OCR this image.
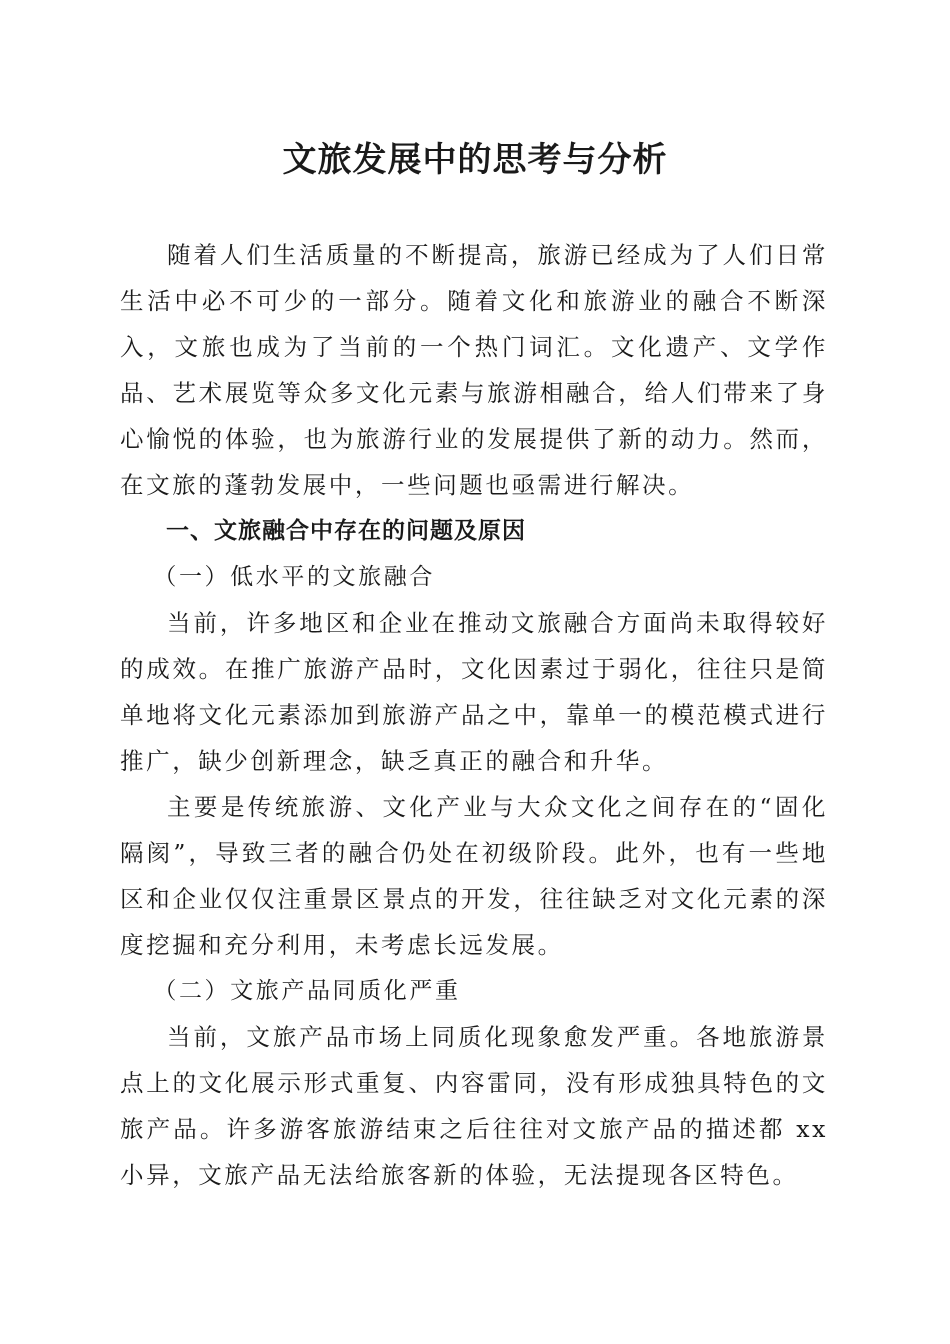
文旅发展中的思考与分析

随着人们生活质量的不断提高，旅游已经成为了人们日常生活中必不可少的一部分。随着文化和旅游业的融合不断深入，文旅也成为了当前的一个热门词汇。文化遗产、文学作品、艺术展览等众多文化元素与旅游相融合，给人们带来了身心愉悦的体验，也为旅游行业的发展提供了新的动力。然而，在文旅的蓬勃发展中，一些问题也亟需进行解决。

一、文旅融合中存在的问题及原因

（一）低水平的文旅融合

当前，许多地区和企业在推动文旅融合方面尚未取得较好的成效。在推广旅游产品时，文化因素过于弱化，往往只是简单地将文化元素添加到旅游产品之中，靠单一的模范模式进行推广，缺少创新理念，缺乏真正的融合和升华。

主要是传统旅游、文化产业与大众文化之间存在的“固化隔阂”，导致三者的融合仍处在初级阶段。此外，也有一些地区和企业仅仅注重景区景点的开发，往往缺乏对文化元素的深度挖掘和充分利用，未考虑长远发展。

（二）文旅产品同质化严重

当前，文旅产品市场上同质化现象愈发严重。各地旅游景点上的文化展示形式重复、内容雷同，没有形成独具特色的文旅产品。许多游客旅游结束之后往往对文旅产品的描述都 xx 小异，文旅产品无法给旅客新的体验，无法提现各区特色。
